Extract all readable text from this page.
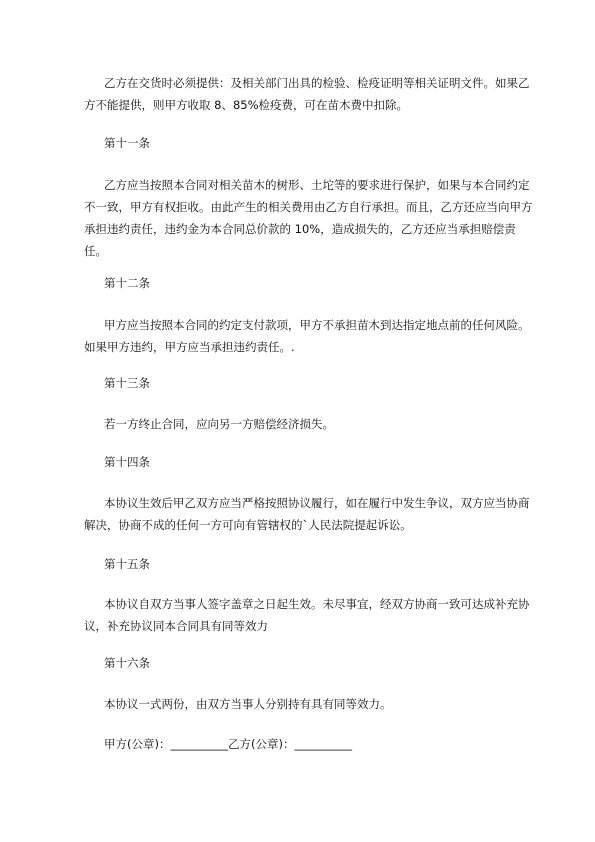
乙方在交货时必须提供：及相关部门出具的检验、检疫证明等相关证明文件。如果乙方不能提供，则甲方收取 8、85%检疫费，可在苗木费中扣除。

第十一条

乙方应当按照本合同对相关苗木的树形、土坨等的要求进行保护，如果与本合同约定不一致，甲方有权拒收。由此产生的相关费用由乙方自行承担。而且，乙方还应当向甲方承担违约责任，违约金为本合同总价款的 10%，造成损失的，乙方还应当承担赔偿责任。

第十二条

甲方应当按照本合同的约定支付款项，甲方不承担苗木到达指定地点前的任何风险。如果甲方违约，甲方应当承担违约责任。.

第十三条

若一方终止合同，应向另一方赔偿经济损失。

第十四条

本协议生效后甲乙双方应当严格按照协议履行，如在履行中发生争议，双方应当协商解决，协商不成的任何一方可向有管辖权的`人民法院提起诉讼。

第十五条

本协议自双方当事人签字盖章之日起生效。未尽事宜，经双方协商一致可达成补充协议，补充协议同本合同具有同等效力

第十六条

本协议一式两份，由双方当事人分别持有具有同等效力。

甲方(公章)：__________乙方(公章)：__________
